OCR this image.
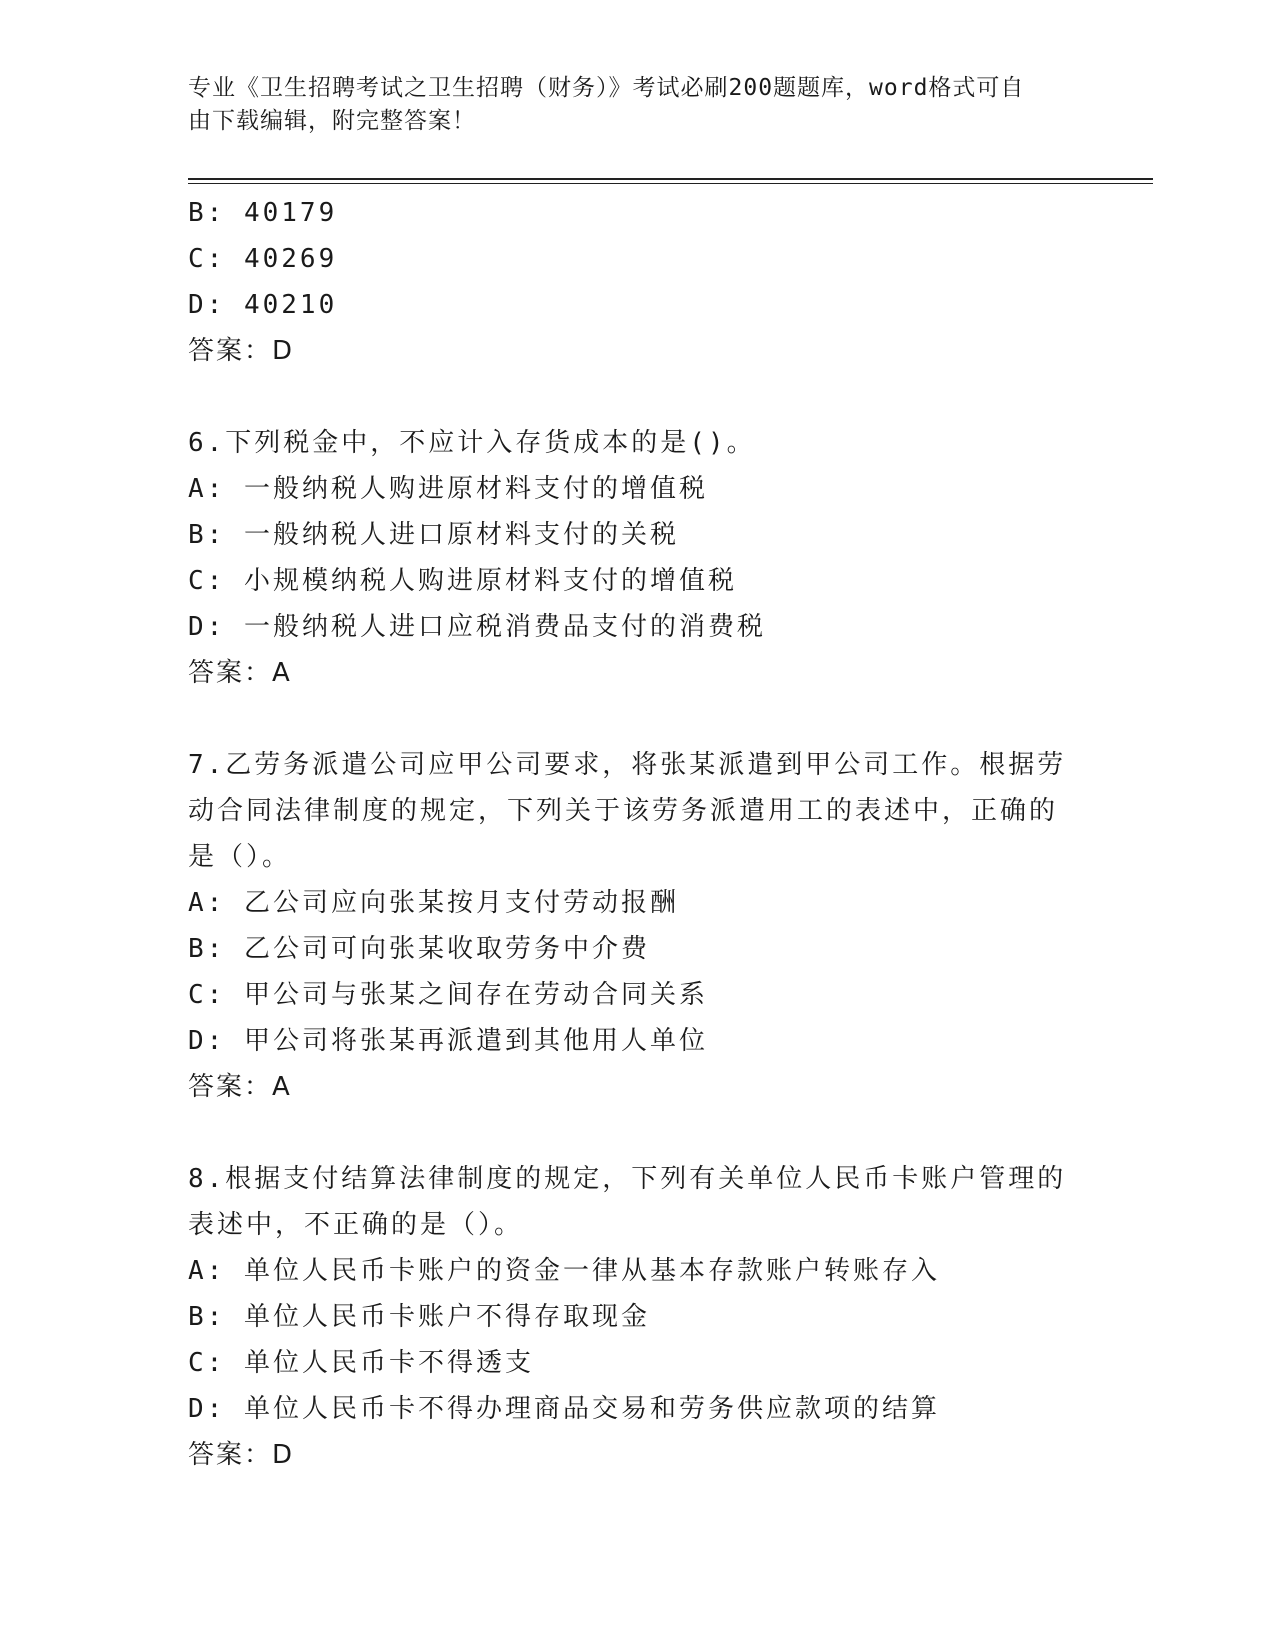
专业《卫生招聘考试之卫生招聘（财务）》考试必刷200题题库，word格式可自
由下载编辑，附完整答案！
B: 40179
C: 40269
D: 40210
答案：D
6.下列税金中，不应计入存货成本的是()。
A: 一般纳税人购进原材料支付的增值税
B: 一般纳税人进口原材料支付的关税
C: 小规模纳税人购进原材料支付的增值税
D: 一般纳税人进口应税消费品支付的消费税
答案：A
7.乙劳务派遣公司应甲公司要求，将张某派遣到甲公司工作。根据劳
动合同法律制度的规定，下列关于该劳务派遣用工的表述中，正确的
是（）。
A: 乙公司应向张某按月支付劳动报酬
B: 乙公司可向张某收取劳务中介费
C: 甲公司与张某之间存在劳动合同关系
D: 甲公司将张某再派遣到其他用人单位
答案：A
8.根据支付结算法律制度的规定，下列有关单位人民币卡账户管理的
表述中，不正确的是（）。
A: 单位人民币卡账户的资金一律从基本存款账户转账存入
B: 单位人民币卡账户不得存取现金
C: 单位人民币卡不得透支
D: 单位人民币卡不得办理商品交易和劳务供应款项的结算
答案：D
